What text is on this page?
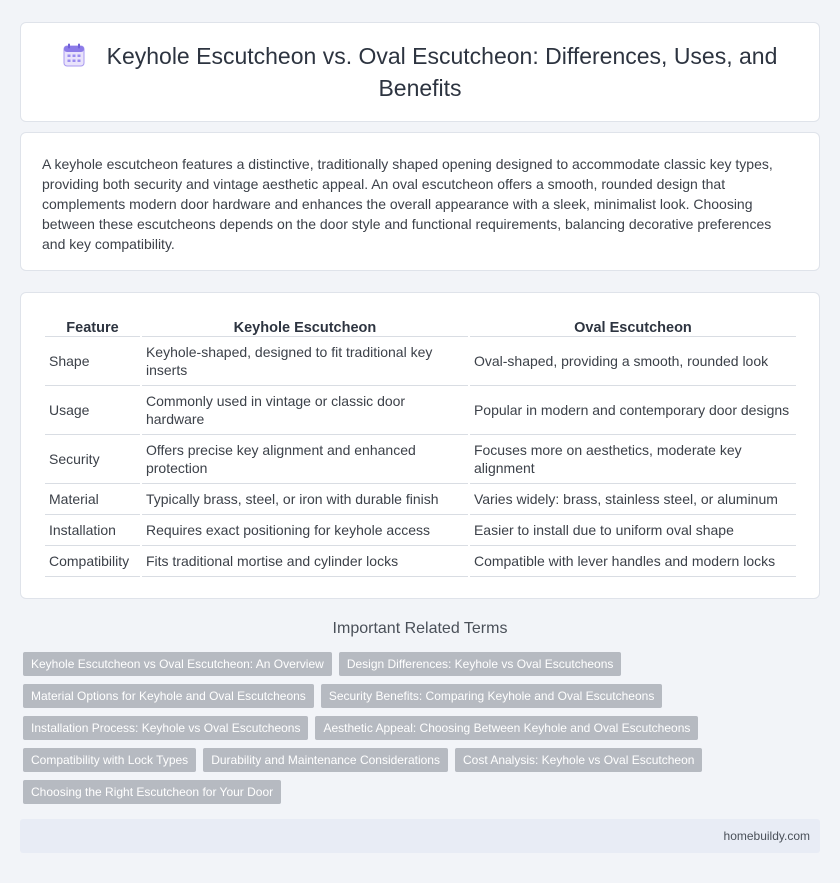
Keyhole Escutcheon vs. Oval Escutcheon: Differences, Uses, and Benefits

A keyhole escutcheon features a distinctive, traditionally shaped opening designed to accommodate classic key types, providing both security and vintage aesthetic appeal. An oval escutcheon offers a smooth, rounded design that complements modern door hardware and enhances the overall appearance with a sleek, minimalist look. Choosing between these escutcheons depends on the door style and functional requirements, balancing decorative preferences and key compatibility.

Feature	Keyhole Escutcheon	Oval Escutcheon
Shape	Keyhole-shaped, designed to fit traditional key inserts	Oval-shaped, providing a smooth, rounded look
Usage	Commonly used in vintage or classic door hardware	Popular in modern and contemporary door designs
Security	Offers precise key alignment and enhanced protection	Focuses more on aesthetics, moderate key alignment
Material	Typically brass, steel, or iron with durable finish	Varies widely: brass, stainless steel, or aluminum
Installation	Requires exact positioning for keyhole access	Easier to install due to uniform oval shape
Compatibility	Fits traditional mortise and cylinder locks	Compatible with lever handles and modern locks
Important Related Terms
Keyhole Escutcheon vs Oval Escutcheon: An Overview	Design Differences: Keyhole vs Oval Escutcheons
Material Options for Keyhole and Oval Escutcheons	Security Benefits: Comparing Keyhole and Oval Escutcheons
Installation Process: Keyhole vs Oval Escutcheons	Aesthetic Appeal: Choosing Between Keyhole and Oval Escutcheons
Compatibility with Lock Types	Durability and Maintenance Considerations	Cost Analysis: Keyhole vs Oval Escutcheon
Choosing the Right Escutcheon for Your Door
homebuildy.com
